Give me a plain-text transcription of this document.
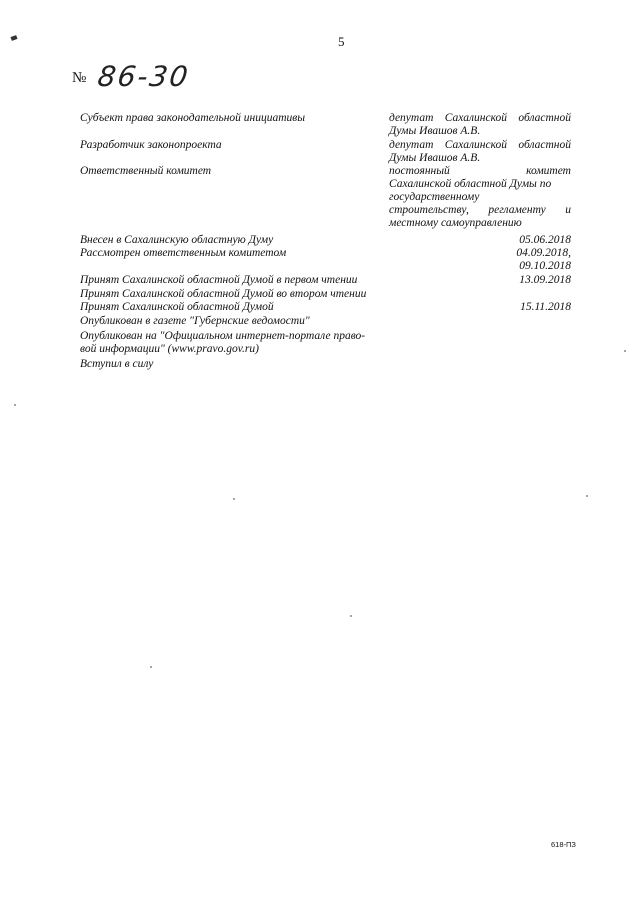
5
№ 86-30
Субъект права законодательной инициативы	депутат Сахалинской областной
Думы Ивашов А.В.
Разработчик законопроекта	депутат Сахалинской областной
Думы Ивашов А.В.
Ответственный комитет	постоянный комитет
Сахалинской областной Думы по
государственному
строительству, регламенту и
местному самоуправлению
Внесен в Сахалинскую областную Думу	05.06.2018
Рассмотрен ответственным комитетом	04.09.2018,
09.10.2018
Принят Сахалинской областной Думой в первом чтении	13.09.2018
Принят Сахалинской областной Думой во втором чтении
Принят Сахалинской областной Думой	15.11.2018
Опубликован в газете "Губернские ведомости"
Опубликован на "Официальном интернет-портале право-
вой информации" (www.pravo.gov.ru)
Вступил в силу
618-ПЗ
